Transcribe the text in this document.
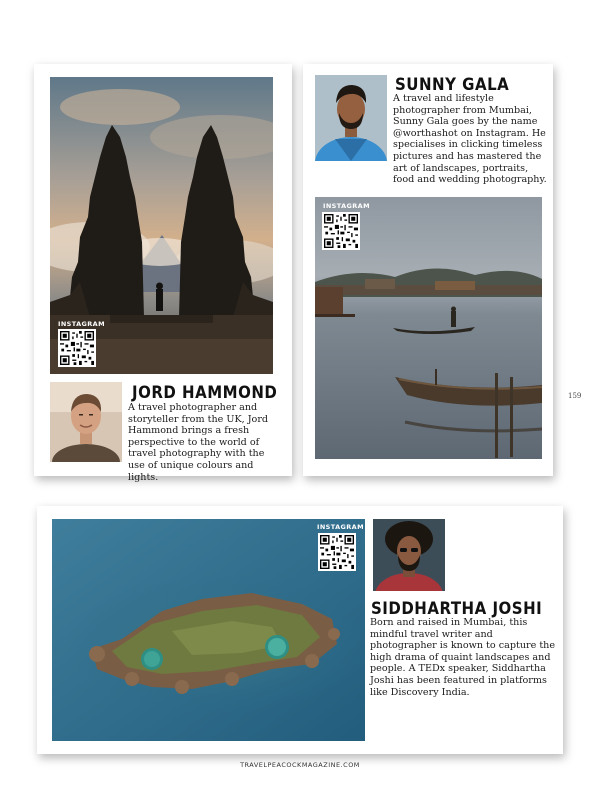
INSTAGRAM
JORD HAMMOND

A travel photographer and storyteller from the UK, Jord Hammond brings a fresh perspective to the world of travel photography with the use of unique colours and lights.

SUNNY GALA

A travel and lifestyle photographer from Mumbai, Sunny Gala goes by the name @worthashot on Instagram. He specialises in clicking timeless pictures and has mastered the art of landscapes, portraits, food and wedding photography.

INSTAGRAM
159
INSTAGRAM
SIDDHARTHA JOSHI

Born and raised in Mumbai, this mindful travel writer and photographer is known to capture the high drama of quaint landscapes and people. A TEDx speaker, Siddhartha Joshi has been featured in platforms like Discovery India.

TRAVELPEACOCKMAGAZINE.COM
